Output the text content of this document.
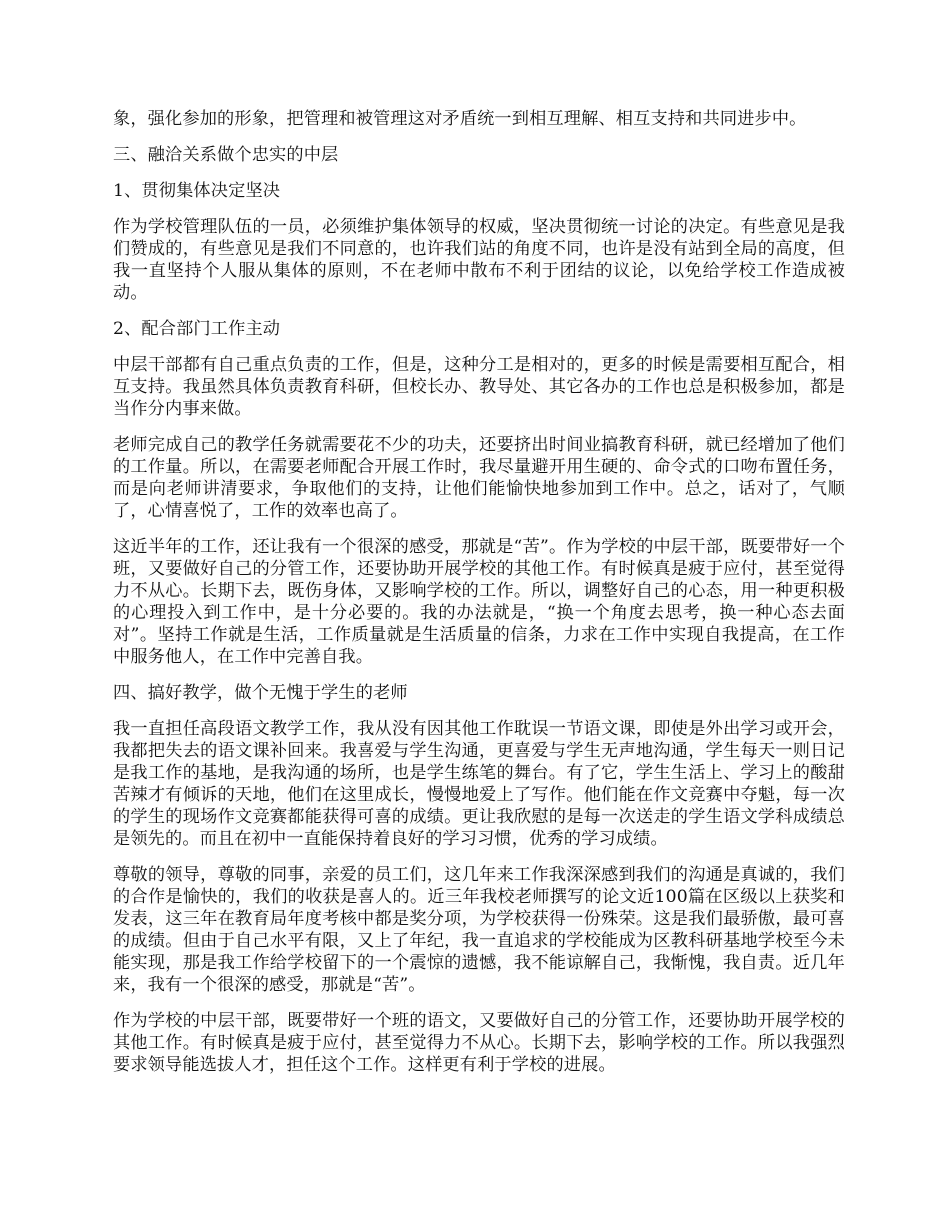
象，强化参加的形象，把管理和被管理这对矛盾统一到相互理解、相互支持和共同进步中。

三、融洽关系做个忠实的中层

1、贯彻集体决定坚决

作为学校管理队伍的一员，必须维护集体领导的权威，坚决贯彻统一讨论的决定。有些意见是我们赞成的，有些意见是我们不同意的，也许我们站的角度不同，也许是没有站到全局的高度，但我一直坚持个人服从集体的原则，不在老师中散布不利于团结的议论，以免给学校工作造成被动。

2、配合部门工作主动

中层干部都有自己重点负责的工作，但是，这种分工是相对的，更多的时候是需要相互配合，相互支持。我虽然具体负责教育科研，但校长办、教导处、其它各办的工作也总是积极参加，都是当作分内事来做。

老师完成自己的教学任务就需要花不少的功夫，还要挤出时间业搞教育科研，就已经增加了他们的工作量。所以，在需要老师配合开展工作时，我尽量避开用生硬的、命令式的口吻布置任务，而是向老师讲清要求，争取他们的支持，让他们能愉快地参加到工作中。总之，话对了，气顺了，心情喜悦了，工作的效率也高了。

这近半年的工作，还让我有一个很深的感受，那就是“苦”。作为学校的中层干部，既要带好一个班，又要做好自己的分管工作，还要协助开展学校的其他工作。有时候真是疲于应付，甚至觉得力不从心。长期下去，既伤身体，又影响学校的工作。所以，调整好自己的心态，用一种更积极的心理投入到工作中，是十分必要的。我的办法就是，“换一个角度去思考，换一种心态去面对”。坚持工作就是生活，工作质量就是生活质量的信条，力求在工作中实现自我提高，在工作中服务他人，在工作中完善自我。

四、搞好教学，做个无愧于学生的老师

我一直担任高段语文教学工作，我从没有因其他工作耽误一节语文课，即使是外出学习或开会，我都把失去的语文课补回来。我喜爱与学生沟通，更喜爱与学生无声地沟通，学生每天一则日记是我工作的基地，是我沟通的场所，也是学生练笔的舞台。有了它，学生生活上、学习上的酸甜苦辣才有倾诉的天地，他们在这里成长，慢慢地爱上了写作。他们能在作文竞赛中夺魁，每一次的学生的现场作文竞赛都能获得可喜的成绩。更让我欣慰的是每一次送走的学生语文学科成绩总是领先的。而且在初中一直能保持着良好的学习习惯，优秀的学习成绩。

尊敬的领导，尊敬的同事，亲爱的员工们，这几年来工作我深深感到我们的沟通是真诚的，我们的合作是愉快的，我们的收获是喜人的。近三年我校老师撰写的论文近100篇在区级以上获奖和发表，这三年在教育局年度考核中都是奖分项，为学校获得一份殊荣。这是我们最骄傲，最可喜的成绩。但由于自己水平有限，又上了年纪，我一直追求的学校能成为区教科研基地学校至今未能实现，那是我工作给学校留下的一个震惊的遗憾，我不能谅解自己，我惭愧，我自责。近几年来，我有一个很深的感受，那就是“苦”。

作为学校的中层干部，既要带好一个班的语文，又要做好自己的分管工作，还要协助开展学校的其他工作。有时候真是疲于应付，甚至觉得力不从心。长期下去，影响学校的工作。所以我强烈要求领导能选拔人才，担任这个工作。这样更有利于学校的进展。
